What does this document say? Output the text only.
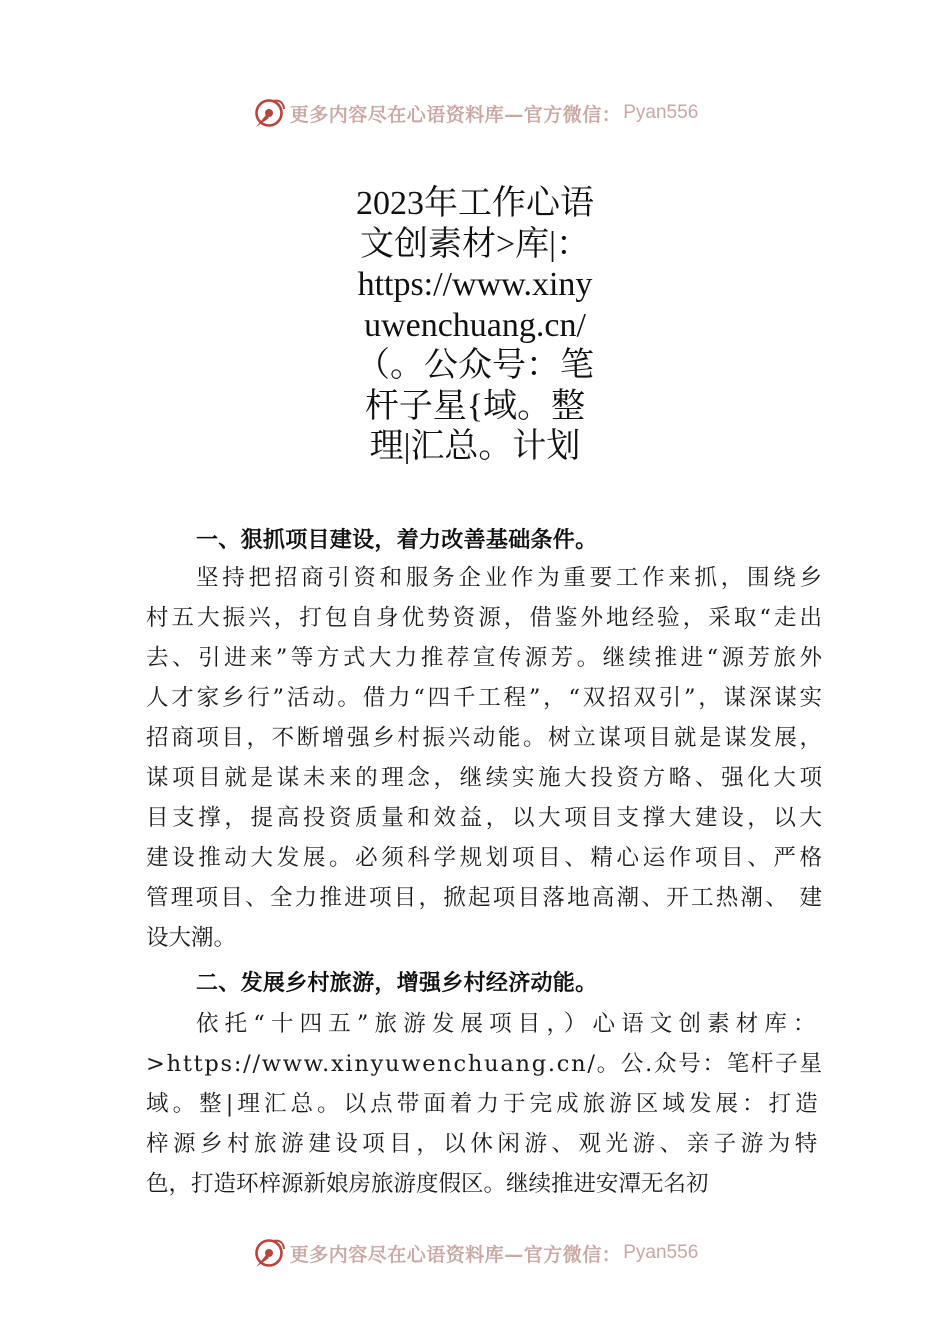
更多内容尽在心语资料库—官方微信： Pyan556
2023年工作心语
文创素材>库|：
https://www.xiny
uwenchuang.cn/
（。公众号：笔
杆子星{域。整
理|汇总。计划
一、狠抓项目建设，着力改善基础条件。
坚持把招商引资和服务企业作为重要工作来抓，围绕乡
村五大振兴，打包自身优势资源，借鉴外地经验，采取“走出
去、引进来”等方式大力推荐宣传源芳。继续推进“源芳旅外
人才家乡行”活动。借力“四千工程”，“双招双引”，谋深谋实
招商项目，不断增强乡村振兴动能。树立谋项目就是谋发展，
谋项目就是谋未来的理念，继续实施大投资方略、强化大项
目支撑，提高投资质量和效益，以大项目支撑大建设，以大
建设推动大发展。必须科学规划项目、精心运作项目、严格
管理项目、全力推进项目，掀起项目落地高潮、开工热潮、 建
设大潮。
二、发展乡村旅游，增强乡村经济动能。
依托“十四五”旅游发展项目，）心语文创素材库：
>https://www.xinyuwenchuang.cn/。公.众号：笔杆子星
域。整|理汇总。以点带面着力于完成旅游区域发展：打造
梓源乡村旅游建设项目，以休闲游、观光游、亲子游为特
色，打造环梓源新娘房旅游度假区。继续推进安潭无名初
更多内容尽在心语资料库—官方微信： Pyan556
